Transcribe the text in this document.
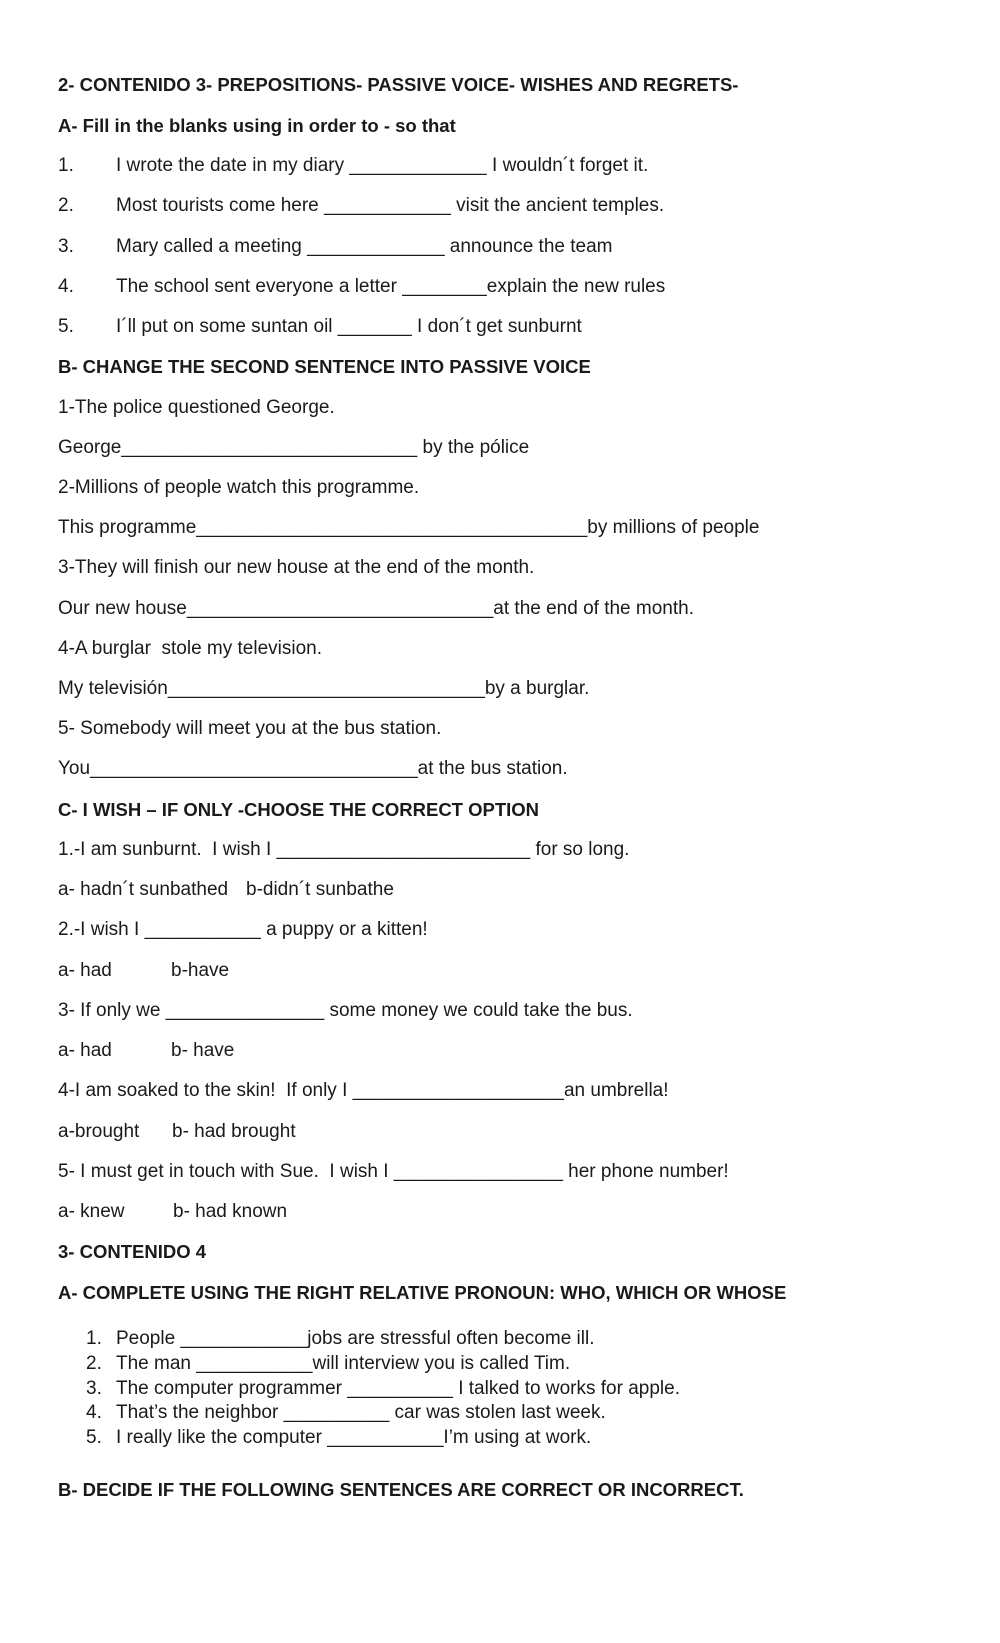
2- CONTENIDO 3- PREPOSITIONS- PASSIVE VOICE- WISHES AND REGRETS-
A- Fill in the blanks using in order to - so that
1. I wrote the date in my diary _____________ I wouldn´t forget it.
2. Most tourists come here ____________ visit the ancient temples.
3. Mary called a meeting _____________ announce the team
4. The school sent everyone a letter ________explain the new rules
5. I´ll put on some suntan oil _______ I don´t get sunburnt
B- CHANGE THE SECOND SENTENCE INTO PASSIVE VOICE
1-The police questioned George.
George____________________________ by the pólice
2-Millions of people watch this programme.
This programme_____________________________________by millions of people
3-They will finish our new house at the end of the month.
Our new house_____________________________at the end of the month.
4-A burglar  stole my television.
My televisión______________________________by a burglar.
5- Somebody will meet you at the bus station.
You_______________________________at the bus station.
C- I WISH – IF ONLY -CHOOSE THE CORRECT OPTION
1.-I am sunburnt.  I wish I ________________________ for so long.
a- hadn´t sunbathed b-didn´t sunbathe
2.-I wish I ___________ a puppy or a kitten!
a- had	b-have
3- If only we _______________ some money we could take the bus.
a- had	b- have
4-I am soaked to the skin!  If only I ____________________an umbrella!
a-brought b- had brought
5- I must get in touch with Sue.  I wish I ________________ her phone number!
a- knew	b- had known
3- CONTENIDO 4
A- COMPLETE USING THE RIGHT RELATIVE PRONOUN: WHO, WHICH OR WHOSE
1. People ____________jobs are stressful often become ill.
2. The man ___________will interview you is called Tim.
3. The computer programmer __________ I talked to works for apple.
4. That’s the neighbor __________ car was stolen last week.
5. I really like the computer ___________I’m using at work.
B- DECIDE IF THE FOLLOWING SENTENCES ARE CORRECT OR INCORRECT.
